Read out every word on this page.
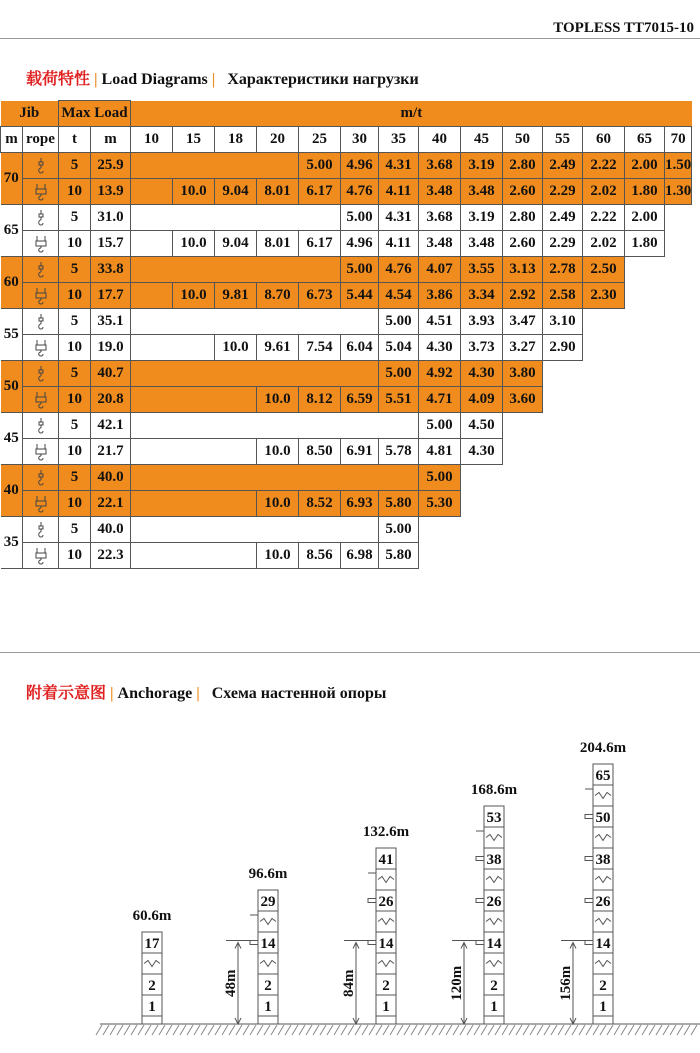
TOPLESS TT7015-10
载荷特性 | Load Diagrams | Характеристики нагрузки
Jib		Max Load		m/t													
m	rope	t	m	10	15	18	20	25	30	35	40	45	50	55	60	65	70
70		5	25.9					5.00	4.96	4.31	3.68	3.19	2.80	2.49	2.22	2.00	1.50
	10	13.9		10.0	9.04	8.01	6.17	4.76	4.11	3.48	3.48	2.60	2.29	2.02	1.80	1.30
65		5	31.0						5.00	4.31	3.68	3.19	2.80	2.49	2.22	2.00	
	10	15.7		10.0	9.04	8.01	6.17	4.96	4.11	3.48	3.48	2.60	2.29	2.02	1.80	
60		5	33.8						5.00	4.76	4.07	3.55	3.13	2.78	2.50		
	10	17.7		10.0	9.81	8.70	6.73	5.44	4.54	3.86	3.34	2.92	2.58	2.30		
55		5	35.1							5.00	4.51	3.93	3.47	3.10			
	10	19.0			10.0	9.61	7.54	6.04	5.04	4.30	3.73	3.27	2.90			
50		5	40.7							5.00	4.92	4.30	3.80				
	10	20.8				10.0	8.12	6.59	5.51	4.71	4.09	3.60				
45		5	42.1								5.00	4.50					
	10	21.7				10.0	8.50	6.91	5.78	4.81	4.30					
40		5	40.0								5.00						
	10	22.1				10.0	8.52	6.93	5.80	5.30						
35		5	40.0							5.00							
	10	22.3				10.0	8.56	6.98	5.80							
附着示意图 | Anchorage | Схема настенной опоры
1
2
17
60.6m
1
2
14
29
96.6m
48m
1
2
14
26
41
132.6m
84m
1
2
14
26
38
53
168.6m
120m
1
2
14
26
38
50
65
204.6m
156m
